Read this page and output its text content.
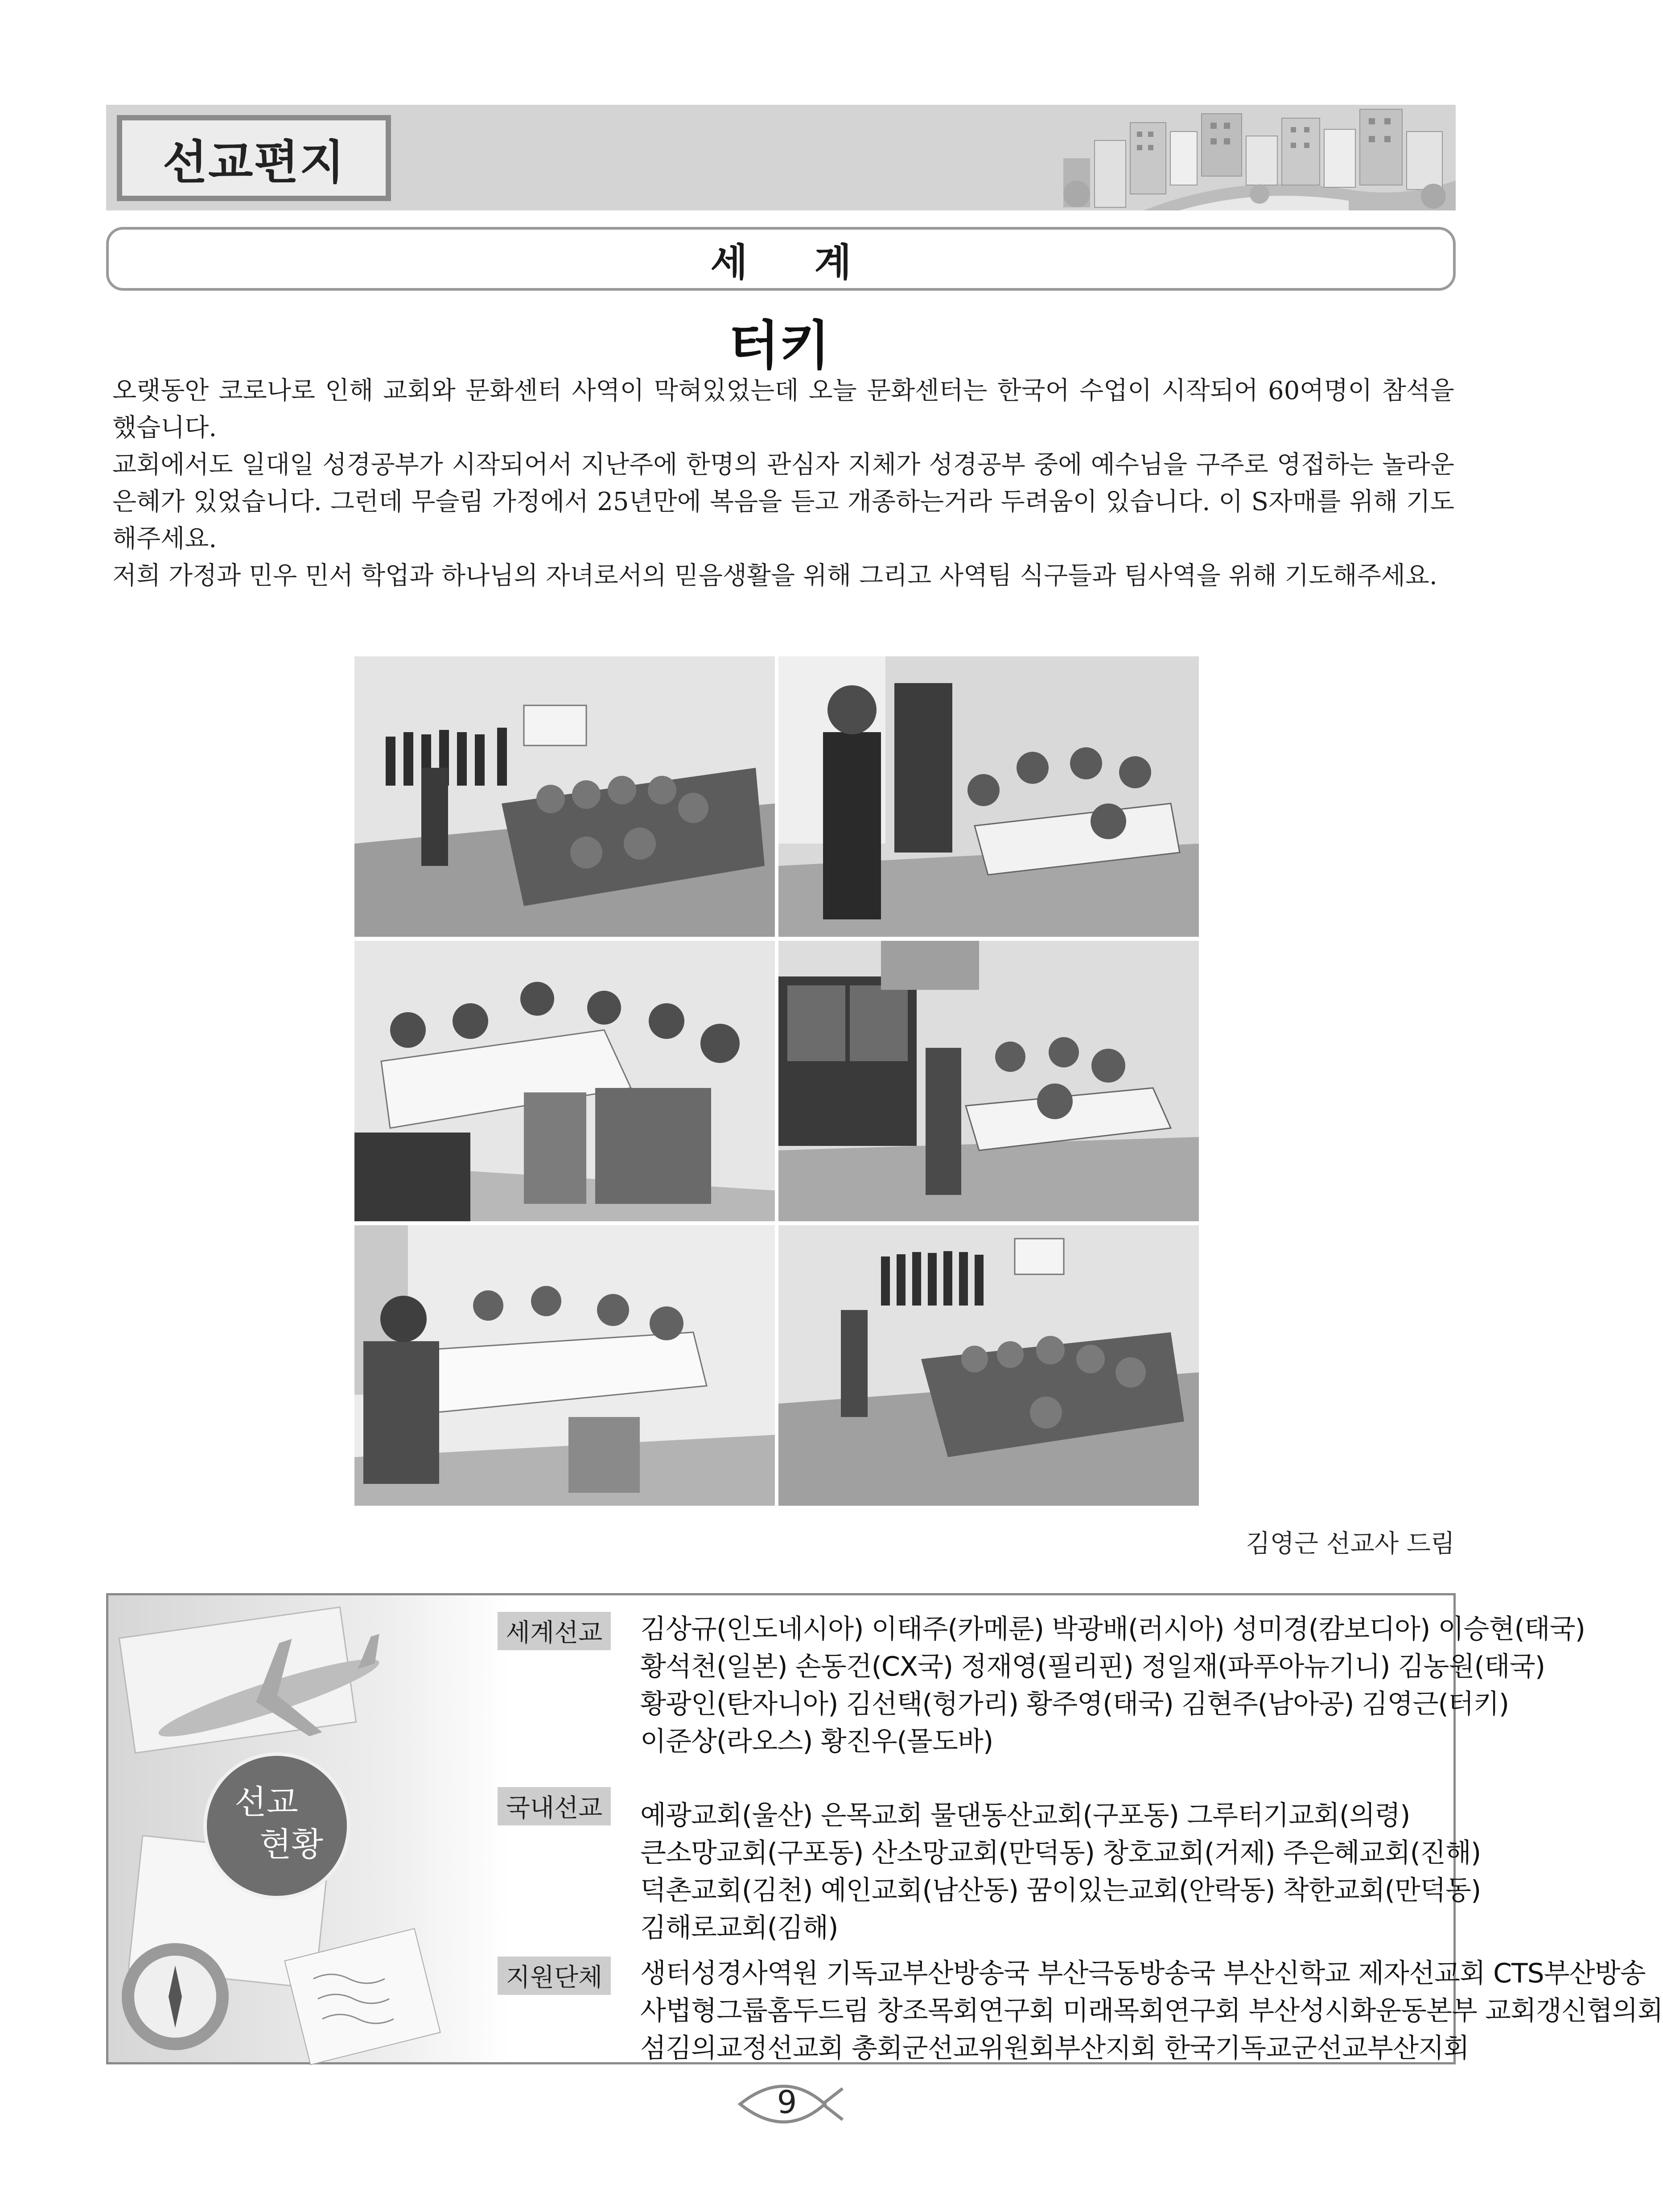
선교편지
세 계
터키

오랫동안 코로나로 인해 교회와 문화센터 사역이 막혀있었는데 오늘 문화센터는 한국어 수업이 시작되어 60여명이 참석을 했습니다.

교회에서도 일대일 성경공부가 시작되어서 지난주에 한명의 관심자 지체가 성경공부 중에 예수님을 구주로 영접하는 놀라운 은혜가 있었습니다. 그런데 무슬림 가정에서 25년만에 복음을 듣고 개종하는거라 두려움이 있습니다. 이 S자매를 위해 기도해주세요.

저희 가정과 민우 민서 학업과 하나님의 자녀로서의 믿음생활을 위해 그리고 사역팀 식구들과 팀사역을 위해 기도해주세요.

김영근 선교사 드림
선교
현황
세계선교	김상규(인도네시아) 이태주(카메룬) 박광배(러시아) 성미경(캄보디아) 이승현(태국)
황석천(일본) 손동건(CX국) 정재영(필리핀) 정일재(파푸아뉴기니) 김농원(태국)
황광인(탄자니아) 김선택(헝가리) 황주영(태국) 김현주(남아공) 김영근(터키)
이준상(라오스) 황진우(몰도바)
국내선교	예광교회(울산) 은목교회 물댄동산교회(구포동) 그루터기교회(의령)
큰소망교회(구포동) 산소망교회(만덕동) 창호교회(거제) 주은혜교회(진해)
덕촌교회(김천) 예인교회(남산동) 꿈이있는교회(안락동) 착한교회(만덕동)
김해로교회(김해)
지원단체	생터성경사역원 기독교부산방송국 부산극동방송국 부산신학교 제자선교회 CTS부산방송
사법형그룹홈두드림 창조목회연구회 미래목회연구회 부산성시화운동본부 교회갱신협의회
섬김의교정선교회 총회군선교위원회부산지회 한국기독교군선교부산지회
9
